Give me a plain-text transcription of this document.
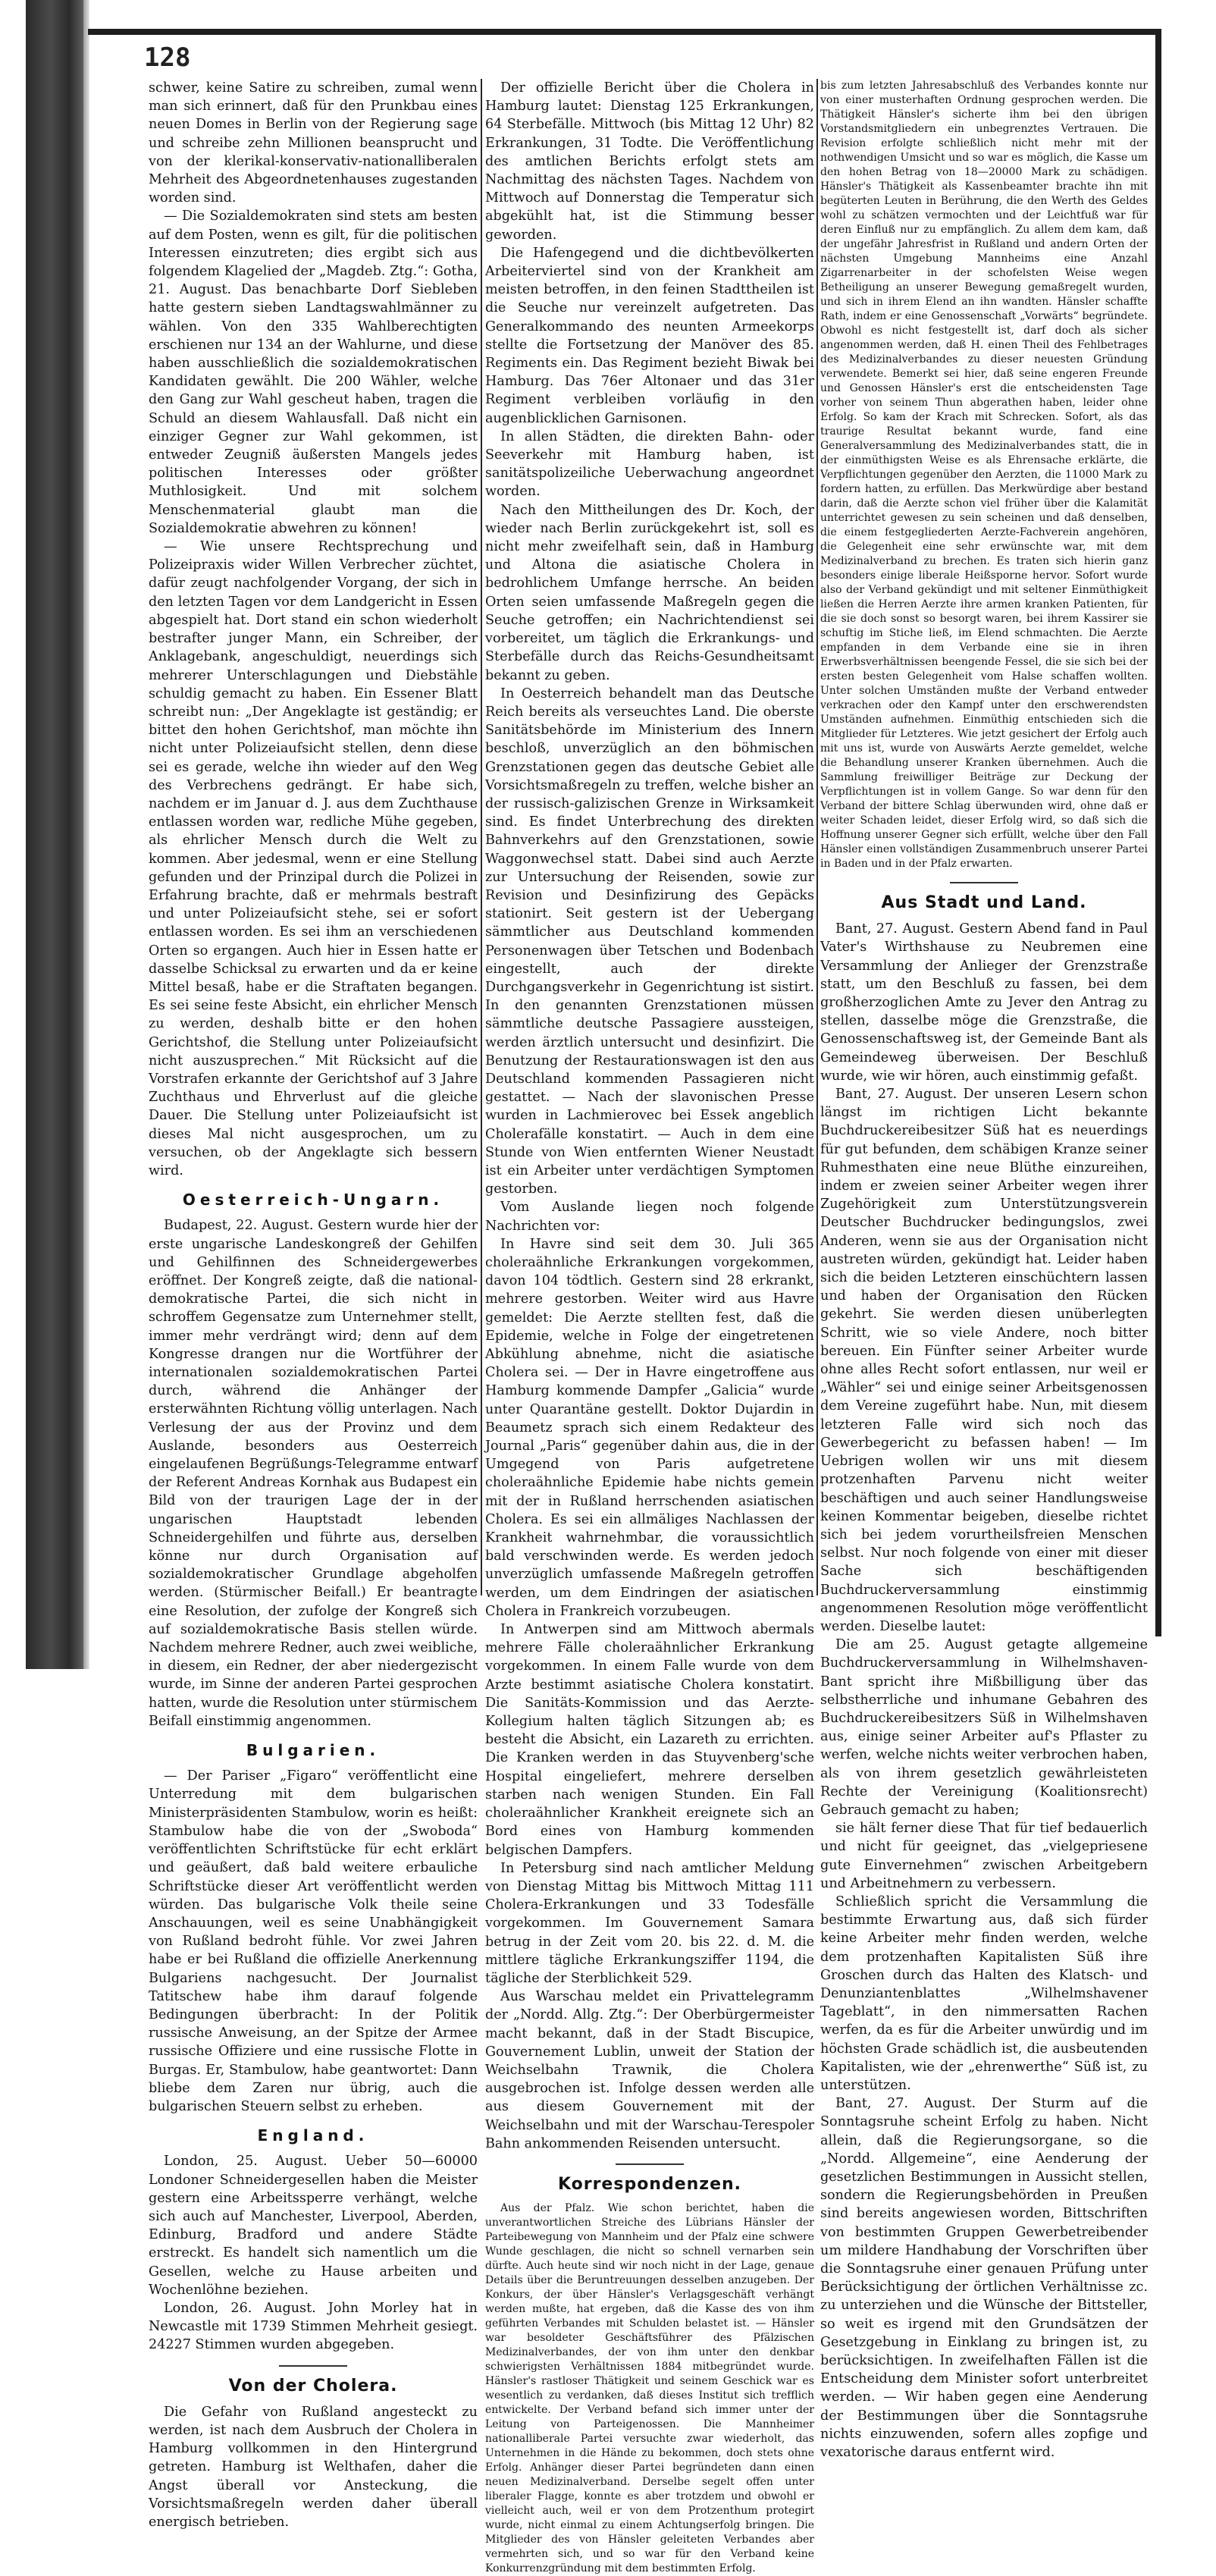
128

schwer, keine Satire zu schreiben, zumal wenn man sich erinnert, daß für den Prunkbau eines neuen Domes in Berlin von der Regierung sage und schreibe zehn Millionen beansprucht und von der klerikal-konservativ-nationalliberalen Mehrheit des Abgeordnetenhauses zugestanden worden sind.

— Die Sozialdemokraten sind stets am besten auf dem Posten, wenn es gilt, für die politischen Interessen einzutreten; dies ergibt sich aus folgendem Klagelied der „Magdeb. Ztg.“: Gotha, 21. August. Das benachbarte Dorf Siebleben hatte gestern sieben Landtagswahlmänner zu wählen. Von den 335 Wahlberechtigten erschienen nur 134 an der Wahlurne, und diese haben ausschließlich die sozialdemokratischen Kandidaten gewählt. Die 200 Wähler, welche den Gang zur Wahl gescheut haben, tragen die Schuld an diesem Wahlausfall. Daß nicht ein einziger Gegner zur Wahl gekommen, ist entweder Zeugniß äußersten Mangels jedes politischen Interesses oder größter Muthlosigkeit. Und mit solchem Menschenmaterial glaubt man die Sozialdemokratie abwehren zu können!

— Wie unsere Rechtsprechung und Polizeipraxis wider Willen Verbrecher züchtet, dafür zeugt nachfolgender Vorgang, der sich in den letzten Tagen vor dem Landgericht in Essen abgespielt hat. Dort stand ein schon wiederholt bestrafter junger Mann, ein Schreiber, der Anklagebank, angeschuldigt, neuerdings sich mehrerer Unterschlagungen und Diebstähle schuldig gemacht zu haben. Ein Essener Blatt schreibt nun: „Der Angeklagte ist geständig; er bittet den hohen Gerichtshof, man möchte ihn nicht unter Polizeiaufsicht stellen, denn diese sei es gerade, welche ihn wieder auf den Weg des Verbrechens gedrängt. Er habe sich, nachdem er im Januar d. J. aus dem Zuchthause entlassen worden war, redliche Mühe gegeben, als ehrlicher Mensch durch die Welt zu kommen. Aber jedesmal, wenn er eine Stellung gefunden und der Prinzipal durch die Polizei in Erfahrung brachte, daß er mehrmals bestraft und unter Polizeiaufsicht stehe, sei er sofort entlassen worden. Es sei ihm an verschiedenen Orten so ergangen. Auch hier in Essen hatte er dasselbe Schicksal zu erwarten und da er keine Mittel besaß, habe er die Straftaten begangen. Es sei seine feste Absicht, ein ehrlicher Mensch zu werden, deshalb bitte er den hohen Gerichtshof, die Stellung unter Polizeiaufsicht nicht auszusprechen.“ Mit Rücksicht auf die Vorstrafen erkannte der Gerichtshof auf 3 Jahre Zuchthaus und Ehrverlust auf die gleiche Dauer. Die Stellung unter Polizeiaufsicht ist dieses Mal nicht ausgesprochen, um zu versuchen, ob der Angeklagte sich bessern wird.

Oesterreich-Ungarn.

Budapest, 22. August. Gestern wurde hier der erste ungarische Landeskongreß der Gehilfen und Gehilfinnen des Schneidergewerbes eröffnet. Der Kongreß zeigte, daß die national-demokratische Partei, die sich nicht in schroffem Gegensatze zum Unternehmer stellt, immer mehr verdrängt wird; denn auf dem Kongresse drangen nur die Wortführer der internationalen sozialdemokratischen Partei durch, während die Anhänger der ersterwähnten Richtung völlig unterlagen. Nach Verlesung der aus der Provinz und dem Auslande, besonders aus Oesterreich eingelaufenen Begrüßungs-Telegramme entwarf der Referent Andreas Kornhak aus Budapest ein Bild von der traurigen Lage der in der ungarischen Hauptstadt lebenden Schneidergehilfen und führte aus, derselben könne nur durch Organisation auf sozialdemokratischer Grundlage abgeholfen werden. (Stürmischer Beifall.) Er beantragte eine Resolution, der zufolge der Kongreß sich auf sozialdemokratische Basis stellen würde. Nachdem mehrere Redner, auch zwei weibliche, in diesem, ein Redner, der aber niedergezischt wurde, im Sinne der anderen Partei gesprochen hatten, wurde die Resolution unter stürmischem Beifall einstimmig angenommen.

Bulgarien.

— Der Pariser „Figaro“ veröffentlicht eine Unterredung mit dem bulgarischen Ministerpräsidenten Stambulow, worin es heißt: Stambulow habe die von der „Swoboda“ veröffentlichten Schriftstücke für echt erklärt und geäußert, daß bald weitere erbauliche Schriftstücke dieser Art veröffentlicht werden würden. Das bulgarische Volk theile seine Anschauungen, weil es seine Unabhängigkeit von Rußland bedroht fühle. Vor zwei Jahren habe er bei Rußland die offizielle Anerkennung Bulgariens nachgesucht. Der Journalist Tatitschew habe ihm darauf folgende Bedingungen überbracht: In der Politik russische Anweisung, an der Spitze der Armee russische Offiziere und eine russische Flotte in Burgas. Er, Stambulow, habe geantwortet: Dann bliebe dem Zaren nur übrig, auch die bulgarischen Steuern selbst zu erheben.

England.

London, 25. August. Ueber 50—60000 Londoner Schneidergesellen haben die Meister gestern eine Arbeitssperre verhängt, welche sich auch auf Manchester, Liverpool, Aberden, Edinburg, Bradford und andere Städte erstreckt. Es handelt sich namentlich um die Gesellen, welche zu Hause arbeiten und Wochenlöhne beziehen.

London, 26. August. John Morley hat in Newcastle mit 1739 Stimmen Mehrheit gesiegt. 24227 Stimmen wurden abgegeben.

Von der Cholera.

Die Gefahr von Rußland angesteckt zu werden, ist nach dem Ausbruch der Cholera in Hamburg vollkommen in den Hintergrund getreten. Hamburg ist Welthafen, daher die Angst überall vor Ansteckung, die Vorsichtsmaßregeln werden daher überall energisch betrieben.

Der offizielle Bericht über die Cholera in Hamburg lautet: Dienstag 125 Erkrankungen, 64 Sterbefälle. Mittwoch (bis Mittag 12 Uhr) 82 Erkrankungen, 31 Todte. Die Veröffentlichung des amtlichen Berichts erfolgt stets am Nachmittag des nächsten Tages. Nachdem von Mittwoch auf Donnerstag die Temperatur sich abgekühlt hat, ist die Stimmung besser geworden.

Die Hafengegend und die dichtbevölkerten Arbeiterviertel sind von der Krankheit am meisten betroffen, in den feinen Stadttheilen ist die Seuche nur vereinzelt aufgetreten. Das Generalkommando des neunten Armeekorps stellte die Fortsetzung der Manöver des 85. Regiments ein. Das Regiment bezieht Biwak bei Hamburg. Das 76er Altonaer und das 31er Regiment verbleiben vorläufig in den augenblicklichen Garnisonen.

In allen Städten, die direkten Bahn- oder Seeverkehr mit Hamburg haben, ist sanitätspolizeiliche Ueberwachung angeordnet worden.

Nach den Mittheilungen des Dr. Koch, der wieder nach Berlin zurückgekehrt ist, soll es nicht mehr zweifelhaft sein, daß in Hamburg und Altona die asiatische Cholera in bedrohlichem Umfange herrsche. An beiden Orten seien umfassende Maßregeln gegen die Seuche getroffen; ein Nachrichtendienst sei vorbereitet, um täglich die Erkrankungs- und Sterbefälle durch das Reichs-Gesundheitsamt bekannt zu geben.

In Oesterreich behandelt man das Deutsche Reich bereits als verseuchtes Land. Die oberste Sanitätsbehörde im Ministerium des Innern beschloß, unverzüglich an den böhmischen Grenzstationen gegen das deutsche Gebiet alle Vorsichtsmaßregeln zu treffen, welche bisher an der russisch-galizischen Grenze in Wirksamkeit sind. Es findet Unterbrechung des direkten Bahnverkehrs auf den Grenzstationen, sowie Waggonwechsel statt. Dabei sind auch Aerzte zur Untersuchung der Reisenden, sowie zur Revision und Desinfizirung des Gepäcks stationirt. Seit gestern ist der Uebergang sämmtlicher aus Deutschland kommenden Personenwagen über Tetschen und Bodenbach eingestellt, auch der direkte Durchgangsverkehr in Gegenrichtung ist sistirt. In den genannten Grenzstationen müssen sämmtliche deutsche Passagiere aussteigen, werden ärztlich untersucht und desinfizirt. Die Benutzung der Restaurationswagen ist den aus Deutschland kommenden Passagieren nicht gestattet. — Nach der slavonischen Presse wurden in Lachmierovec bei Essek angeblich Cholerafälle konstatirt. — Auch in dem eine Stunde von Wien entfernten Wiener Neustadt ist ein Arbeiter unter verdächtigen Symptomen gestorben.

Vom Auslande liegen noch folgende Nachrichten vor:

In Havre sind seit dem 30. Juli 365 choleraähnliche Erkrankungen vorgekommen, davon 104 tödtlich. Gestern sind 28 erkrankt, mehrere gestorben. Weiter wird aus Havre gemeldet: Die Aerzte stellten fest, daß die Epidemie, welche in Folge der eingetretenen Abkühlung abnehme, nicht die asiatische Cholera sei. — Der in Havre eingetroffene aus Hamburg kommende Dampfer „Galicia“ wurde unter Quarantäne gestellt. Doktor Dujardin in Beaumetz sprach sich einem Redakteur des Journal „Paris“ gegenüber dahin aus, die in der Umgegend von Paris aufgetretene choleraähnliche Epidemie habe nichts gemein mit der in Rußland herrschenden asiatischen Cholera. Es sei ein allmäliges Nachlassen der Krankheit wahrnehmbar, die voraussichtlich bald verschwinden werde. Es werden jedoch unverzüglich umfassende Maßregeln getroffen werden, um dem Eindringen der asiatischen Cholera in Frankreich vorzubeugen.

In Antwerpen sind am Mittwoch abermals mehrere Fälle choleraähnlicher Erkrankung vorgekommen. In einem Falle wurde von dem Arzte bestimmt asiatische Cholera konstatirt. Die Sanitäts-Kommission und das Aerzte-Kollegium halten täglich Sitzungen ab; es besteht die Absicht, ein Lazareth zu errichten. Die Kranken werden in das Stuyvenberg'sche Hospital eingeliefert, mehrere derselben starben nach wenigen Stunden. Ein Fall choleraähnlicher Krankheit ereignete sich an Bord eines von Hamburg kommenden belgischen Dampfers.

In Petersburg sind nach amtlicher Meldung von Dienstag Mittag bis Mittwoch Mittag 111 Cholera-Erkrankungen und 33 Todesfälle vorgekommen. Im Gouvernement Samara betrug in der Zeit vom 20. bis 22. d. M. die mittlere tägliche Erkrankungsziffer 1194, die tägliche der Sterblichkeit 529.

Aus Warschau meldet ein Privattelegramm der „Nordd. Allg. Ztg.“: Der Oberbürgermeister macht bekannt, daß in der Stadt Biscupice, Gouvernement Lublin, unweit der Station der Weichselbahn Trawnik, die Cholera ausgebrochen ist. Infolge dessen werden alle aus diesem Gouvernement mit der Weichselbahn und mit der Warschau-Terespoler Bahn ankommenden Reisenden untersucht.

Korrespondenzen.

Aus der Pfalz. Wie schon berichtet, haben die unverantwortlichen Streiche des Lübrians Hänsler der Parteibewegung von Mannheim und der Pfalz eine schwere Wunde geschlagen, die nicht so schnell vernarben sein dürfte. Auch heute sind wir noch nicht in der Lage, genaue Details über die Beruntreuungen desselben anzugeben. Der Konkurs, der über Hänsler's Verlagsgeschäft verhängt werden mußte, hat ergeben, daß die Kasse des von ihm geführten Verbandes mit Schulden belastet ist. — Hänsler war besoldeter Geschäftsführer des Pfälzischen Medizinalverbandes, der von ihm unter den denkbar schwierigsten Verhältnissen 1884 mitbegründet wurde. Hänsler's rastloser Thätigkeit und seinem Geschick war es wesentlich zu verdanken, daß dieses Institut sich trefflich entwickelte. Der Verband befand sich immer unter der Leitung von Parteigenossen. Die Mannheimer nationalliberale Partei versuchte zwar wiederholt, das Unternehmen in die Hände zu bekommen, doch stets ohne Erfolg. Anhänger dieser Partei begründeten dann einen neuen Medizinalverband. Derselbe segelt offen unter liberaler Flagge, konnte es aber trotzdem und obwohl er vielleicht auch, weil er von dem Protzenthum protegirt wurde, nicht einmal zu einem Achtungserfolg bringen. Die Mitglieder des von Hänsler geleiteten Verbandes aber vermehrten sich, und so war für den Verband keine Konkurrenzgründung mit dem bestimmten Erfolg.

bis zum letzten Jahresabschluß des Verbandes konnte nur von einer musterhaften Ordnung gesprochen werden. Die Thätigkeit Hänsler's sicherte ihm bei den übrigen Vorstandsmitgliedern ein unbegrenztes Vertrauen. Die Revision erfolgte schließlich nicht mehr mit der nothwendigen Umsicht und so war es möglich, die Kasse um den hohen Betrag von 18—20000 Mark zu schädigen. Hänsler's Thätigkeit als Kassenbeamter brachte ihn mit begüterten Leuten in Berührung, die den Werth des Geldes wohl zu schätzen vermochten und der Leichtfuß war für deren Einfluß nur zu empfänglich. Zu allem dem kam, daß der ungefähr Jahresfrist in Rußland und andern Orten der nächsten Umgebung Mannheims eine Anzahl Zigarrenarbeiter in der schofelsten Weise wegen Betheiligung an unserer Bewegung gemaßregelt wurden, und sich in ihrem Elend an ihn wandten. Hänsler schaffte Rath, indem er eine Genossenschaft „Vorwärts“ begründete. Obwohl es nicht festgestellt ist, darf doch als sicher angenommen werden, daß H. einen Theil des Fehlbetrages des Medizinalverbandes zu dieser neuesten Gründung verwendete. Bemerkt sei hier, daß seine engeren Freunde und Genossen Hänsler's erst die entscheidensten Tage vorher von seinem Thun abgerathen haben, leider ohne Erfolg. So kam der Krach mit Schrecken. Sofort, als das traurige Resultat bekannt wurde, fand eine Generalversammlung des Medizinalverbandes statt, die in der einmüthigsten Weise es als Ehrensache erklärte, die Verpflichtungen gegenüber den Aerzten, die 11000 Mark zu fordern hatten, zu erfüllen. Das Merkwürdige aber bestand darin, daß die Aerzte schon viel früher über die Kalamität unterrichtet gewesen zu sein scheinen und daß denselben, die einem festgegliederten Aerzte-Fachverein angehören, die Gelegenheit eine sehr erwünschte war, mit dem Medizinalverband zu brechen. Es traten sich hierin ganz besonders einige liberale Heißsporne hervor. Sofort wurde also der Verband gekündigt und mit seltener Einmüthigkeit ließen die Herren Aerzte ihre armen kranken Patienten, für die sie doch sonst so besorgt waren, bei ihrem Kassirer sie schuftig im Stiche ließ, im Elend schmachten. Die Aerzte empfanden in dem Verbande eine sie in ihren Erwerbsverhältnissen beengende Fessel, die sie sich bei der ersten besten Gelegenheit vom Halse schaffen wollten. Unter solchen Umständen mußte der Verband entweder verkrachen oder den Kampf unter den erschwerendsten Umständen aufnehmen. Einmüthig entschieden sich die Mitglieder für Letzteres. Wie jetzt gesichert der Erfolg auch mit uns ist, wurde von Auswärts Aerzte gemeldet, welche die Behandlung unserer Kranken übernehmen. Auch die Sammlung freiwilliger Beiträge zur Deckung der Verpflichtungen ist in vollem Gange. So war denn für den Verband der bittere Schlag überwunden wird, ohne daß er weiter Schaden leidet, dieser Erfolg wird, so daß sich die Hoffnung unserer Gegner sich erfüllt, welche über den Fall Hänsler einen vollständigen Zusammenbruch unserer Partei in Baden und in der Pfalz erwarten.

Aus Stadt und Land.

Bant, 27. August. Gestern Abend fand in Paul Vater's Wirthshause zu Neubremen eine Versammlung der Anlieger der Grenzstraße statt, um den Beschluß zu fassen, bei dem großherzoglichen Amte zu Jever den Antrag zu stellen, dasselbe möge die Grenzstraße, die Genossenschaftsweg ist, der Gemeinde Bant als Gemeindeweg überweisen. Der Beschluß wurde, wie wir hören, auch einstimmig gefaßt.

Bant, 27. August. Der unseren Lesern schon längst im richtigen Licht bekannte Buchdruckereibesitzer Süß hat es neuerdings für gut befunden, dem schäbigen Kranze seiner Ruhmesthaten eine neue Blüthe einzureihen, indem er zweien seiner Arbeiter wegen ihrer Zugehörigkeit zum Unterstützungsverein Deutscher Buchdrucker bedingungslos, zwei Anderen, wenn sie aus der Organisation nicht austreten würden, gekündigt hat. Leider haben sich die beiden Letzteren einschüchtern lassen und haben der Organisation den Rücken gekehrt. Sie werden diesen unüberlegten Schritt, wie so viele Andere, noch bitter bereuen. Ein Fünfter seiner Arbeiter wurde ohne alles Recht sofort entlassen, nur weil er „Wähler“ sei und einige seiner Arbeitsgenossen dem Vereine zugeführt habe. Nun, mit diesem letzteren Falle wird sich noch das Gewerbegericht zu befassen haben! — Im Uebrigen wollen wir uns mit diesem protzenhaften Parvenu nicht weiter beschäftigen und auch seiner Handlungsweise keinen Kommentar beigeben, dieselbe richtet sich bei jedem vorurtheilsfreien Menschen selbst. Nur noch folgende von einer mit dieser Sache sich beschäftigenden Buchdruckerversammlung einstimmig angenommenen Resolution möge veröffentlicht werden. Dieselbe lautet:

Die am 25. August getagte allgemeine Buchdruckerversammlung in Wilhelmshaven-Bant spricht ihre Mißbilligung über das selbstherrliche und inhumane Gebahren des Buchdruckereibesitzers Süß in Wilhelmshaven aus, einige seiner Arbeiter auf's Pflaster zu werfen, welche nichts weiter verbrochen haben, als von ihrem gesetzlich gewährleisteten Rechte der Vereinigung (Koalitionsrecht) Gebrauch gemacht zu haben;

sie hält ferner diese That für tief bedauerlich und nicht für geeignet, das „vielgepriesene gute Einvernehmen“ zwischen Arbeitgebern und Arbeitnehmern zu verbessern.

Schließlich spricht die Versammlung die bestimmte Erwartung aus, daß sich fürder keine Arbeiter mehr finden werden, welche dem protzenhaften Kapitalisten Süß ihre Groschen durch das Halten des Klatsch- und Denunziantenblattes „Wilhelmshavener Tageblatt“, in den nimmersatten Rachen werfen, da es für die Arbeiter unwürdig und im höchsten Grade schädlich ist, die ausbeutenden Kapitalisten, wie der „ehrenwerthe“ Süß ist, zu unterstützen.

Bant, 27. August. Der Sturm auf die Sonntagsruhe scheint Erfolg zu haben. Nicht allein, daß die Regierungsorgane, so die „Nordd. Allgemeine“, eine Aenderung der gesetzlichen Bestimmungen in Aussicht stellen, sondern die Regierungsbehörden in Preußen sind bereits angewiesen worden, Bittschriften von bestimmten Gruppen Gewerbetreibender um mildere Handhabung der Vorschriften über die Sonntagsruhe einer genauen Prüfung unter Berücksichtigung der örtlichen Verhältnisse zc. zu unterziehen und die Wünsche der Bittsteller, so weit es irgend mit den Grundsätzen der Gesetzgebung in Einklang zu bringen ist, zu berücksichtigen. In zweifelhaften Fällen ist die Entscheidung dem Minister sofort unterbreitet werden. — Wir haben gegen eine Aenderung der Bestimmungen über die Sonntagsruhe nichts einzuwenden, sofern alles zopfige und vexatorische daraus entfernt wird.
